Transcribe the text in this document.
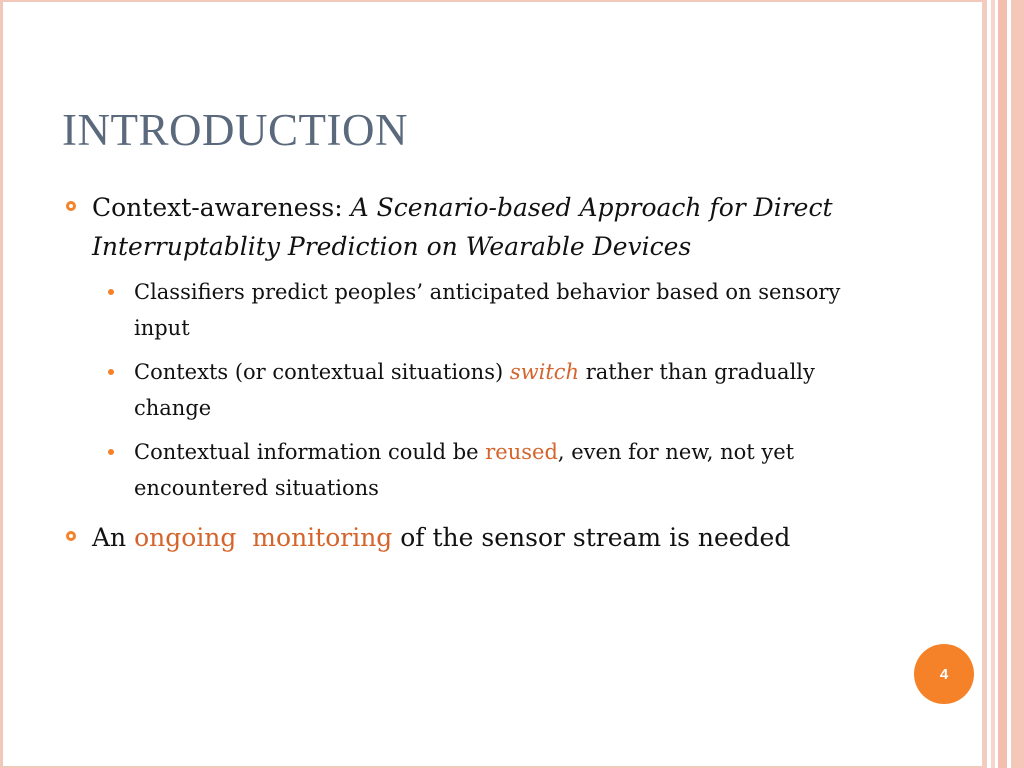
INTRODUCTION
Context-awareness: A Scenario-based Approach for Direct Interruptablity Prediction on Wearable Devices
Classifiers predict peoples’ anticipated behavior based on sensory input
Contexts (or contextual situations) switch rather than gradually change
Contextual information could be reused, even for new, not yet encountered situations
An ongoing  monitoring of the sensor stream is needed
4
